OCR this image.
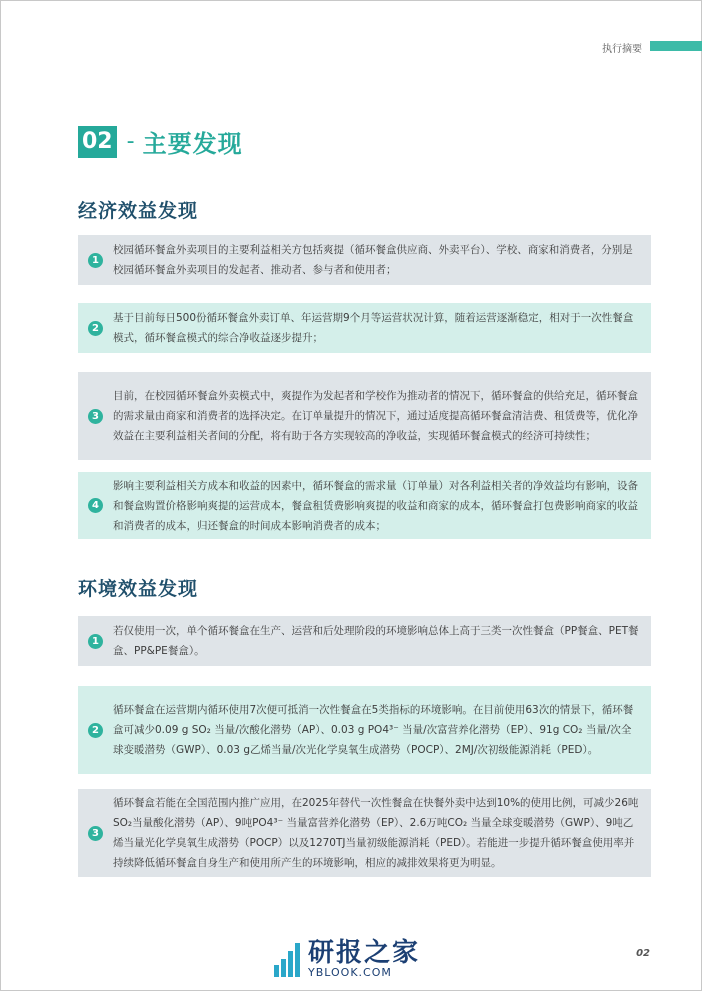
执行摘要
02 - 主要发现
经济效益发现
1
校园循环餐盒外卖项目的主要利益相关方包括爽提（循环餐盒供应商、外卖平台）、学校、商家和消费者，分别是校园循环餐盒外卖项目的发起者、推动者、参与者和使用者；
2
基于目前每日500份循环餐盒外卖订单、年运营期9个月等运营状况计算，随着运营逐渐稳定，相对于一次性餐盒模式，循环餐盒模式的综合净收益逐步提升；
3
目前，在校园循环餐盒外卖模式中，爽提作为发起者和学校作为推动者的情况下，循环餐盒的供给充足，循环餐盒的需求量由商家和消费者的选择决定。在订单量提升的情况下，通过适度提高循环餐盒清洁费、租赁费等，优化净效益在主要利益相关者间的分配，将有助于各方实现较高的净收益，实现循环餐盒模式的经济可持续性；
4
影响主要利益相关方成本和收益的因素中，循环餐盒的需求量（订单量）对各利益相关者的净效益均有影响，设备和餐盒购置价格影响爽提的运营成本，餐盒租赁费影响爽提的收益和商家的成本，循环餐盒打包费影响商家的收益和消费者的成本，归还餐盒的时间成本影响消费者的成本；
环境效益发现
1
若仅使用一次，单个循环餐盒在生产、运营和后处理阶段的环境影响总体上高于三类一次性餐盒（PP餐盒、PET餐盒、PP&PE餐盒）。
2
循环餐盒在运营期内循环使用7次便可抵消一次性餐盒在5类指标的环境影响。在目前使用63次的情景下，循环餐盒可减少0.09 g SO₂ 当量/次酸化潜势（AP）、0.03 g PO4³⁻ 当量/次富营养化潜势（EP）、91g CO₂ 当量/次全球变暖潜势（GWP）、0.03 g乙烯当量/次光化学臭氧生成潜势（POCP）、2MJ/次初级能源消耗（PED）。
3
循环餐盒若能在全国范围内推广应用，在2025年替代一次性餐盒在快餐外卖中达到10%的使用比例，可减少26吨SO₂当量酸化潜势（AP）、9吨PO4³⁻ 当量富营养化潜势（EP）、2.6万吨CO₂ 当量全球变暖潜势（GWP）、9吨乙烯当量光化学臭氧生成潜势（POCP）以及1270TJ当量初级能源消耗（PED）。若能进一步提升循环餐盒使用率并持续降低循环餐盒自身生产和使用所产生的环境影响，相应的减排效果将更为明显。
研报之家
YBLOOK.COM
02
